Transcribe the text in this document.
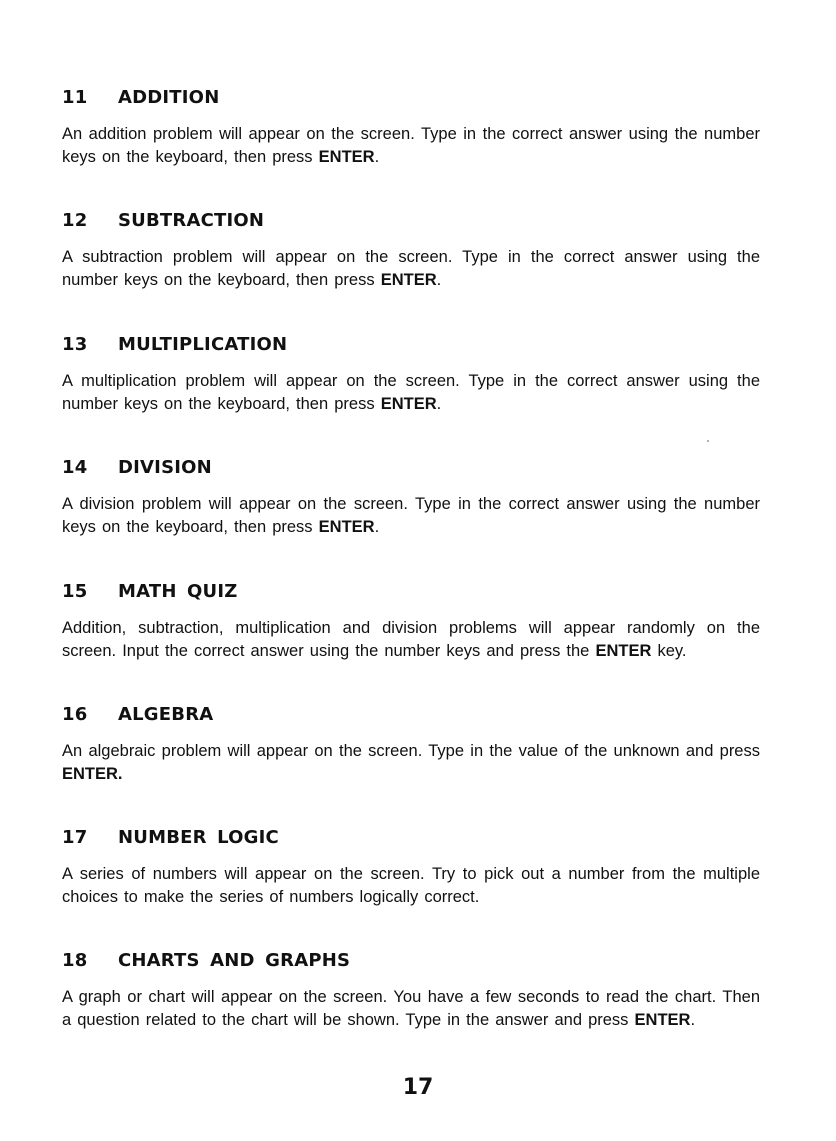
11 ADDITION

An addition problem will appear on the screen. Type in the correct answer using the number keys on the keyboard, then press ENTER.

12 SUBTRACTION

A subtraction problem will appear on the screen. Type in the correct answer using the number keys on the keyboard, then press ENTER.

13 MULTIPLICATION

A multiplication problem will appear on the screen. Type in the correct answer using the number keys on the keyboard, then press ENTER.

14 DIVISION

A division problem will appear on the screen. Type in the correct answer using the number keys on the keyboard, then press ENTER.

15 MATH QUIZ

Addition, subtraction, multiplication and division problems will appear randomly on the screen. Input the correct answer using the number keys and press the ENTER key.

16 ALGEBRA

An algebraic problem will appear on the screen. Type in the value of the unknown and press ENTER.

17 NUMBER LOGIC

A series of numbers will appear on the screen. Try to pick out a number from the multiple choices to make the series of numbers logically correct.

18 CHARTS AND GRAPHS

A graph or chart will appear on the screen. You have a few seconds to read the chart. Then a question related to the chart will be shown. Type in the answer and press ENTER.

17
